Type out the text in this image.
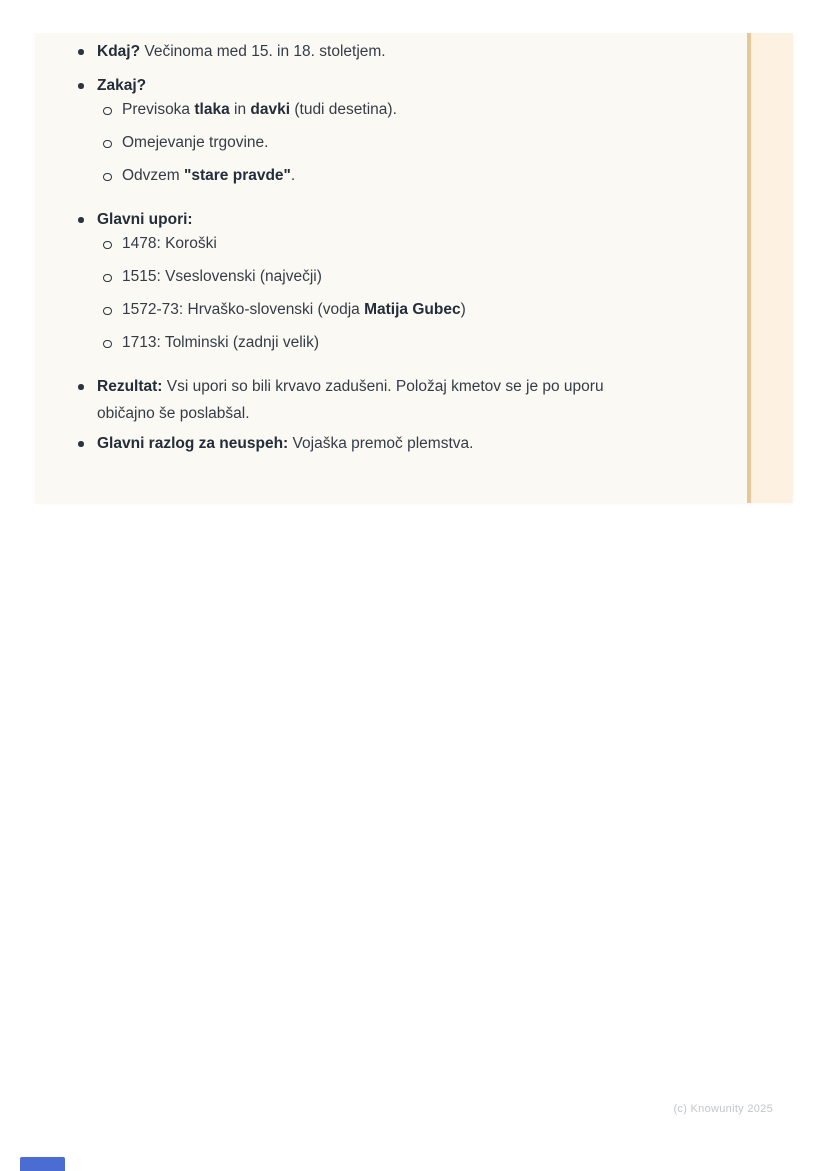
Kdaj? Večinoma med 15. in 18. stoletjem.
Zakaj?
Previsoka tlaka in davki (tudi desetina).
Omejevanje trgovine.
Odvzem "stare pravde".
Glavni upori:
1478: Koroški
1515: Vseslovenski (največji)
1572-73: Hrvaško-slovenski (vodja Matija Gubec)
1713: Tolminski (zadnji velik)
Rezultat: Vsi upori so bili krvavo zadušeni. Položaj kmetov se je po uporu običajno še poslabšal.
Glavni razlog za neuspeh: Vojaška premoč plemstva.
(c) Knowunity 2025
